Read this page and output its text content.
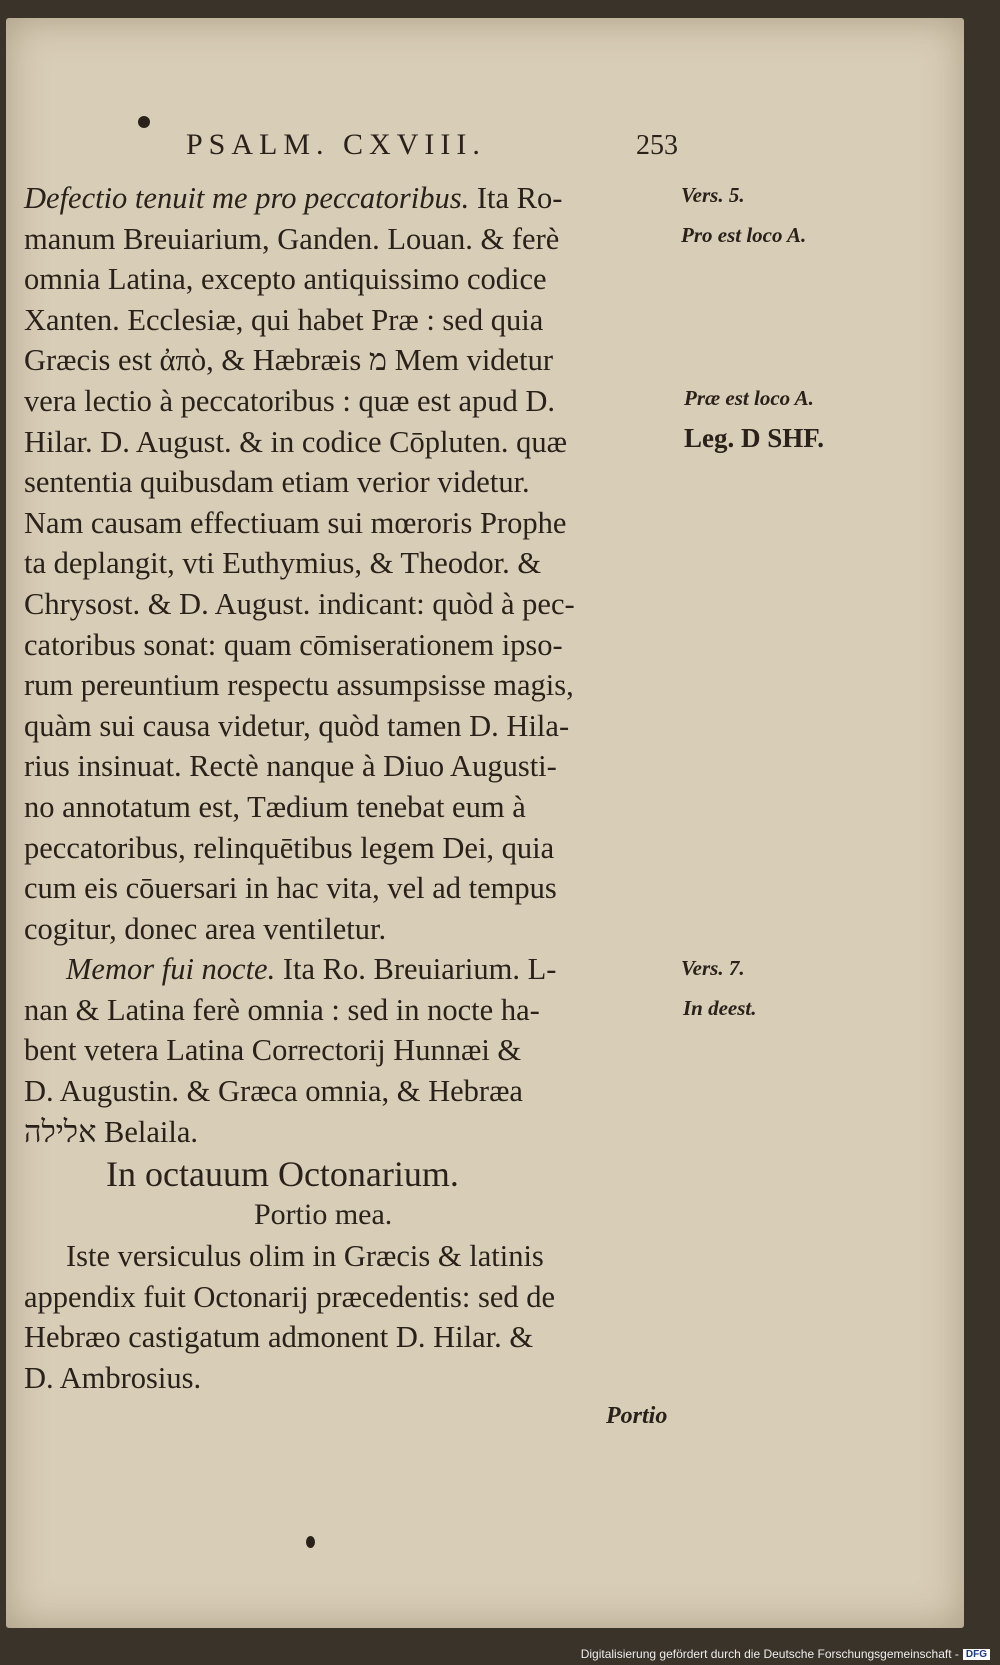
PSALM. CXVIII.	253
Defectio tenuit me pro peccatoribus. Ita Ro-
manum Breuiarium, Ganden. Louan. & ferè
omnia Latina, excepto antiquissimo codice
Xanten. Ecclesiæ, qui habet Præ : sed quia
Græcis est ἀπὸ, & Hæbræis מ Mem videtur
vera lectio à peccatoribus : quæ est apud D.
Hilar. D. August. & in codice Cōpluten. quæ
sententia quibusdam etiam verior videtur.
Nam causam effectiuam sui mœroris Prophe
ta deplangit, vti Euthymius, & Theodor. &
Chrysost. & D. August. indicant: quòd à pec-
catoribus sonat: quam cōmiserationem ipso-
rum pereuntium respectu assumpsisse magis,
quàm sui causa videtur, quòd tamen D. Hila-
rius insinuat. Rectè nanque à Diuo Augusti-
no annotatum est, Tædium tenebat eum à
peccatoribus, relinquētibus legem Dei, quia
cum eis cōuersari in hac vita, vel ad tempus
cogitur, donec area ventiletur.
Memor fui nocte. Ita Ro. Breuiarium. L-
nan & Latina ferè omnia : sed in nocte ha-
bent vetera Latina Correctorij Hunnæi &
D. Augustin. & Græca omnia, & Hebræa
אלילה Belaila.
In octauum Octonarium.
Portio mea.
Iste versiculus olim in Græcis & latinis
appendix fuit Octonarij præcedentis: sed de
Hebræo castigatum admonent D. Hilar. &
D. Ambrosius.
Portio
Vers. 5.
Pro est loco A.
Præ est loco A.
Leg. D SHF.
Vers. 7.
In deest.
Digitalisierung gefördert durch die Deutsche Forschungsgemeinschaft - DFG
